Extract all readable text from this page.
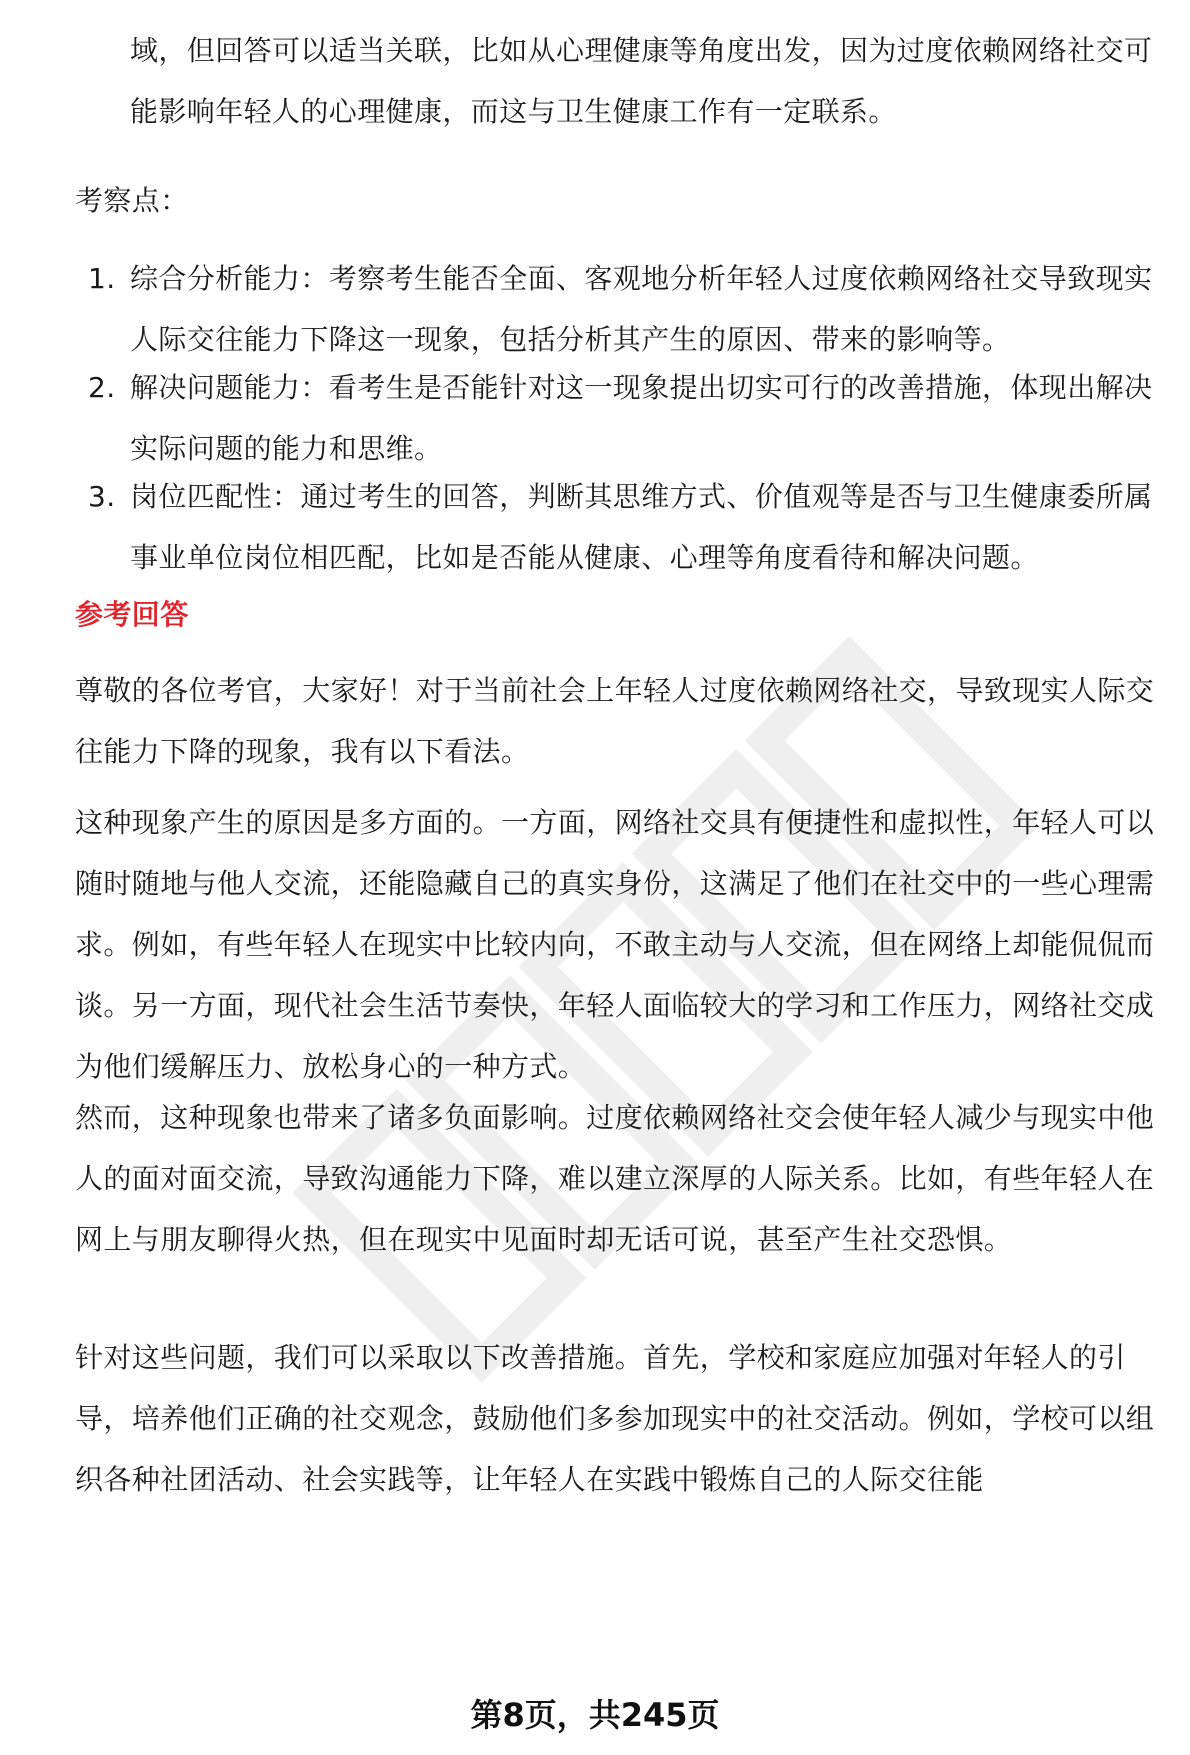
域，但回答可以适当关联，比如从心理健康等角度出发，因为过度依赖网络社交可能影响年轻人的心理健康，而这与卫生健康工作有一定联系。

考察点：

1. 综合分析能力：考察考生能否全面、客观地分析年轻人过度依赖网络社交导致现实人际交往能力下降这一现象，包括分析其产生的原因、带来的影响等。
2. 解决问题能力：看考生是否能针对这一现象提出切实可行的改善措施，体现出解决实际问题的能力和思维。
3. 岗位匹配性：通过考生的回答，判断其思维方式、价值观等是否与卫生健康委所属事业单位岗位相匹配，比如是否能从健康、心理等角度看待和解决问题。

参考回答

尊敬的各位考官，大家好！对于当前社会上年轻人过度依赖网络社交，导致现实人际交往能力下降的现象，我有以下看法。

这种现象产生的原因是多方面的。一方面，网络社交具有便捷性和虚拟性，年轻人可以随时随地与他人交流，还能隐藏自己的真实身份，这满足了他们在社交中的一些心理需求。例如，有些年轻人在现实中比较内向，不敢主动与人交流，但在网络上却能侃侃而谈。另一方面，现代社会生活节奏快，年轻人面临较大的学习和工作压力，网络社交成为他们缓解压力、放松身心的一种方式。

然而，这种现象也带来了诸多负面影响。过度依赖网络社交会使年轻人减少与现实中他人的面对面交流，导致沟通能力下降，难以建立深厚的人际关系。比如，有些年轻人在网上与朋友聊得火热，但在现实中见面时却无话可说，甚至产生社交恐惧。

针对这些问题，我们可以采取以下改善措施。首先，学校和家庭应加强对年轻人的引导，培养他们正确的社交观念，鼓励他们多参加现实中的社交活动。例如，学校可以组织各种社团活动、社会实践等，让年轻人在实践中锻炼自己的人际交往能

第8页，共245页
